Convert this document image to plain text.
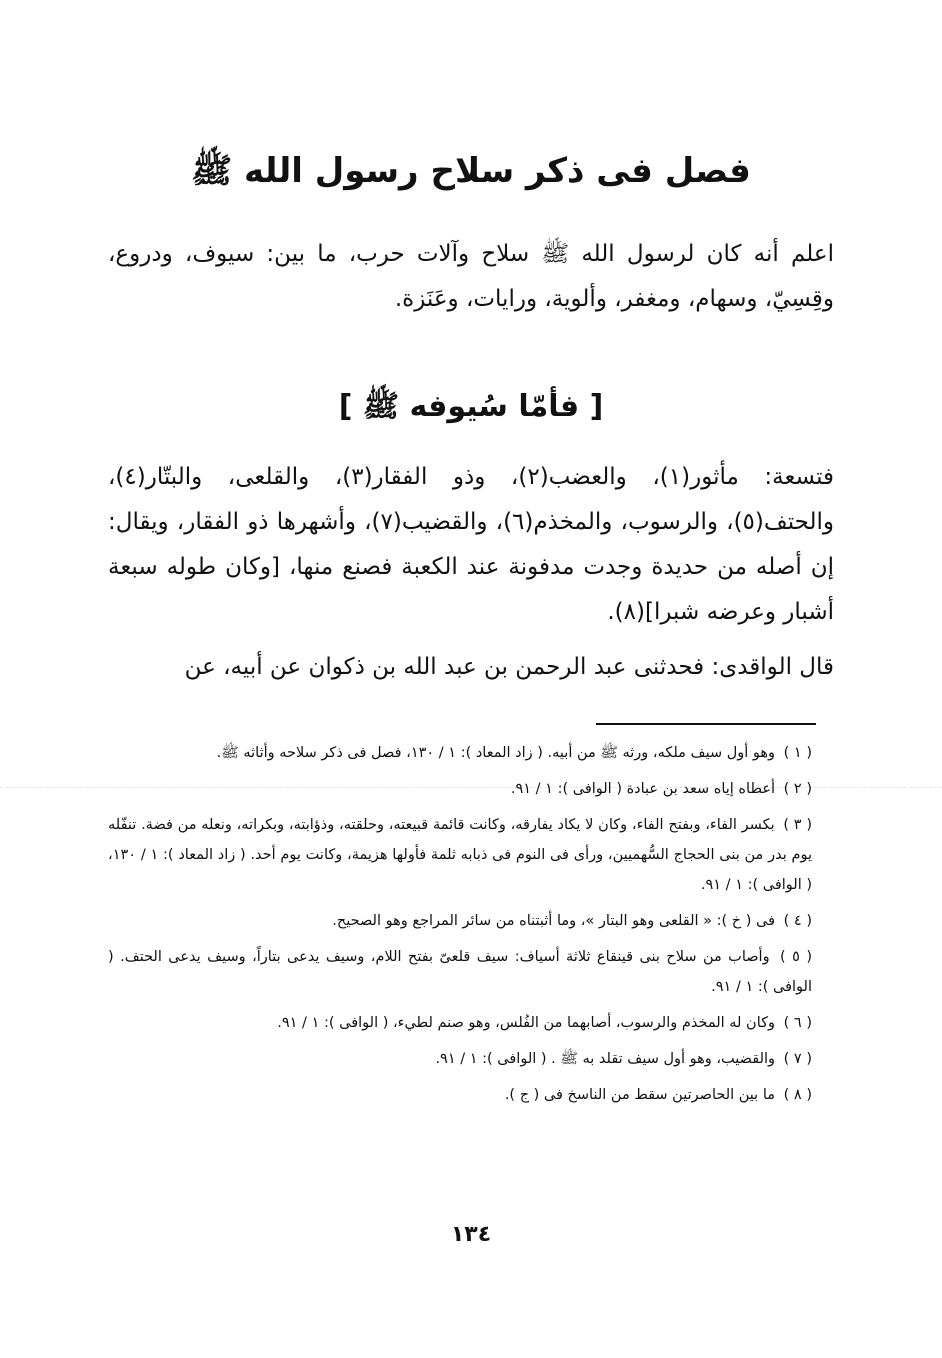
فصل فى ذكر سلاح رسول الله ﷺ

اعلم أنه كان لرسول الله ﷺ سلاح وآلات حرب، ما بين: سيوف، ودروع، وقِسِيّ، وسهام، ومغفر، وألوية، ورايات، وعَنَزة.

[ فأمّا سُيوفه ﷺ ]

فتسعة: مأثور(١)، والعضب(٢)، وذو الفقار(٣)، والقلعى، والبتّار(٤)، والحتف(٥)، والرسوب، والمخذم(٦)، والقضيب(٧)، وأشهرها ذو الفقار، ويقال: إن أصله من حديدة وجدت مدفونة عند الكعبة فصنع منها، [وكان طوله سبعة أشبار وعرضه شبرا](٨).

قال الواقدى: فحدثنى عبد الرحمن بن عبد الله بن ذكوان عن أبيه، عن

( ١ ) وهو أول سيف ملكه، ورثه ﷺ من أبيه. ( زاد المعاد ): ١ / ١٣٠، فصل فى ذكر سلاحه وأثاثه ﷺ.
( ٢ ) أعطاه إياه سعد بن عبادة ( الوافى ): ١ / ٩١.
( ٣ ) بكسر الفاء، وبفتح الفاء، وكان لا يكاد يفارقه، وكانت قائمة قبيعته، وحلقته، وذؤابته، وبكراته، ونعله من فضة. تنفّله يوم بدر من بنى الحجاج السُّهميين، ورأى فى النوم فى ذبابه ثلمة فأولها هزيمة، وكانت يوم أحد. ( زاد المعاد ): ١ / ١٣٠، ( الوافى ): ١ / ٩١.
( ٤ ) فى ( خ ): « القلعى وهو البتار »، وما أثبتناه من سائر المراجع وهو الصحيح.
( ٥ ) وأصاب من سلاح بنى قينقاع ثلاثة أسياف: سيف قلعىّ بفتح اللام، وسيف يدعى بتاراً، وسيف يدعى الحتف. ( الوافى ): ١ / ٩١.
( ٦ ) وكان له المخذم والرسوب، أصابهما من الفُلس، وهو صنم لطيء، ( الوافى ): ١ / ٩١.
( ٧ ) والقضيب، وهو أول سيف تقلد به ﷺ . ( الوافى ): ١ / ٩١.
( ٨ ) ما بين الحاصرتين سقط من الناسخ فى ( ج ).
١٣٤
